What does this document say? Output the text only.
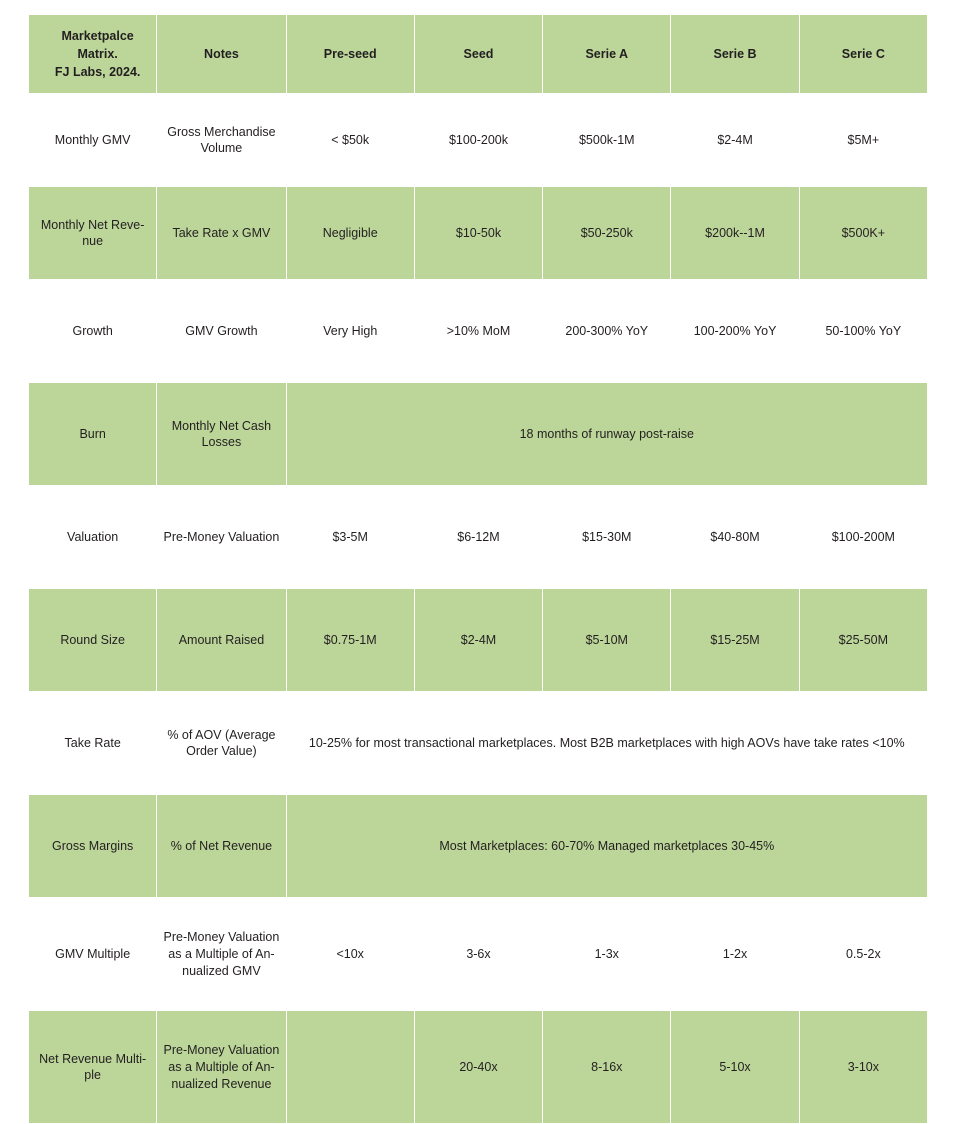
Marketpalce
Matrix.
FJ Labs, 2024.	Notes	Pre-seed	Seed	Serie A	Serie B	Serie C
Monthly GMV	Gross Merchandise Volume	< $50k	$100-200k	$500k-1M	$2-4M	$5M+
Monthly Net Reve-nue	Take Rate x GMV	Negligible	$10-50k	$50-250k	$200k--1M	$500K+
Growth	GMV Growth	Very High	>10% MoM	200-300% YoY	100-200% YoY	50-100% YoY
Burn	Monthly Net Cash Losses	18 months of runway post-raise				
Valuation	Pre-Money Valuation	$3-5M	$6-12M	$15-30M	$40-80M	$100-200M
Round Size	Amount Raised	$0.75-1M	$2-4M	$5-10M	$15-25M	$25-50M
Take Rate	% of AOV (Average Order Value)	10-25% for most transactional marketplaces. Most B2B marketplaces with high AOVs have take rates <10%				
Gross Margins	% of Net Revenue	Most Marketplaces: 60-70% Managed marketplaces 30-45%				
GMV Multiple	Pre-Money Valuation as a Multiple of An-nualized GMV	<10x	3-6x	1-3x	1-2x	0.5-2x
Net Revenue Multi-ple	Pre-Money Valuation as a Multiple of An-nualized Revenue		20-40x	8-16x	5-10x	3-10x
